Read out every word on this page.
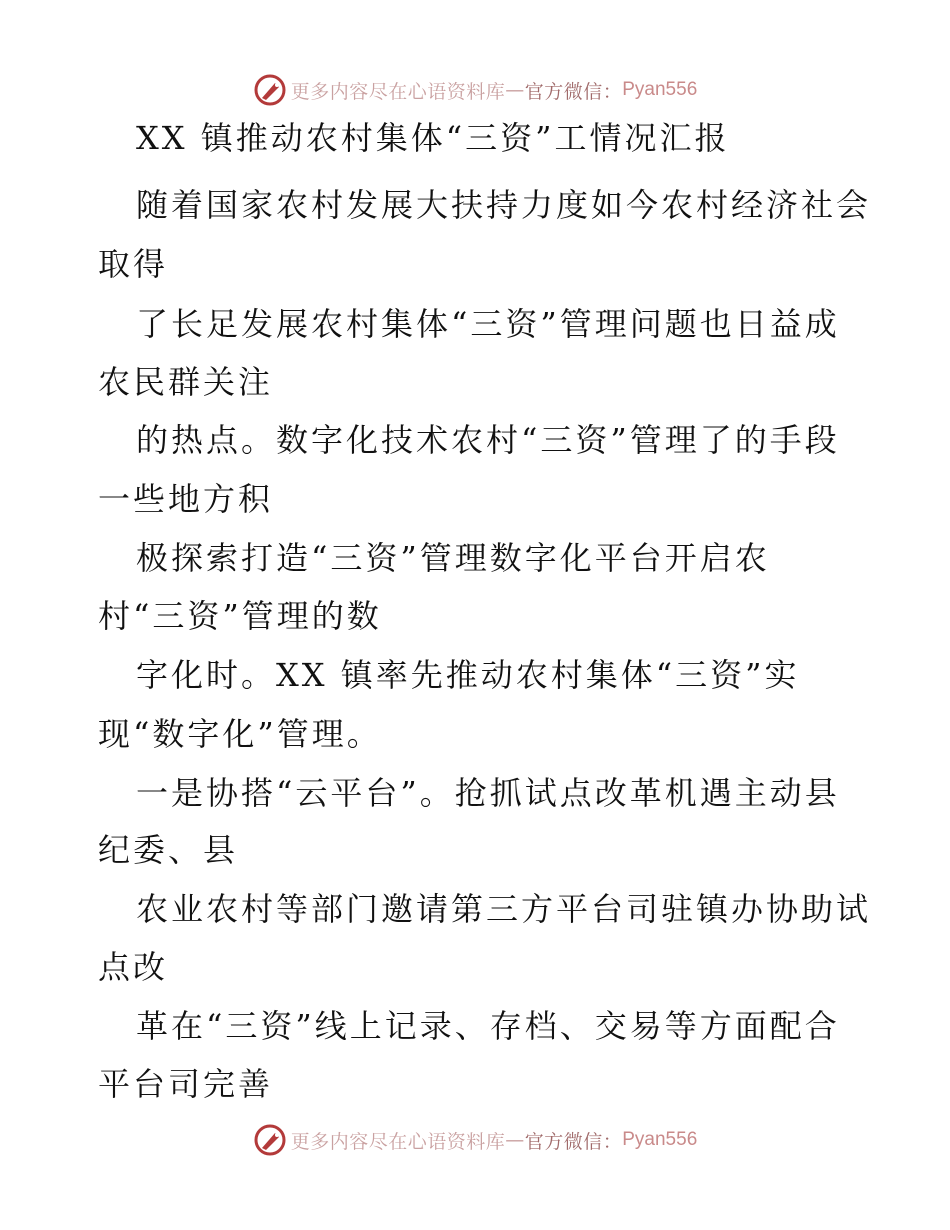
更多内容尽在心语资料库 — 官方微信： Pyan556
XX 镇推动农村集体“三资”工情况汇报
随着国家农村发展大扶持力度如今农村经济社会
取得
了长足发展农村集体“三资”管理问题也日益成
农民群关注
的热点。数字化技术农村“三资”管理了的手段
一些地方积
极探索打造“三资”管理数字化平台开启农
村“三资”管理的数
字化时。XX 镇率先推动农村集体“三资”实
现“数字化”管理。
一是协搭“云平台”。抢抓试点改革机遇主动县
纪委、县
农业农村等部门邀请第三方平台司驻镇办协助试
点改
革在“三资”线上记录、存档、交易等方面配合
平台司完善
更多内容尽在心语资料库 — 官方微信： Pyan556
